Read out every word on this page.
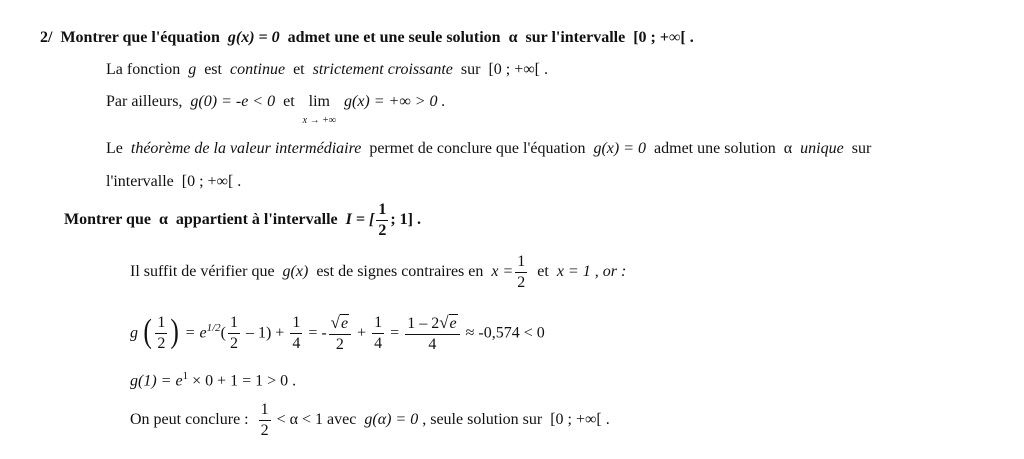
2/ Montrer que l'équation g(x) = 0 admet une et une seule solution α sur l'intervalle [0 ; +∞[ .
La fonction g est continue et strictement croissante sur [0 ; +∞[ .
Par ailleurs, g(0) = -e < 0 et lim
x → +∞
g(x) = +∞ > 0 .
Le théorème de la valeur intermédiaire permet de conclure que l'équation g(x) = 0 admet une solution α unique sur
l'intervalle [0 ; +∞[ .
Montrer que α appartient à l'intervalle I = [ $\frac{1}{2}$ ; 1] .
Il suffit de vérifier que g(x) est de signes contraires en $x = \frac{1}{2}$ et x = 1 , or :
g ( $\frac{1}{2}$ ) = $e^{1/2}( \frac{1}{2} - 1) + \frac{1}{4}$ = - $\frac{√e}{2} + \frac{1}{4} = \frac{1 - 2√e}{4} \approx -0,574 < 0$
$g(1) = e^1 \times 0 + 1 = 1 > 0$ .
On peut conclure : $\frac{1}{2} < \alpha < 1$ avec g(α) = 0 , seule solution sur [0 ; +∞[ .
